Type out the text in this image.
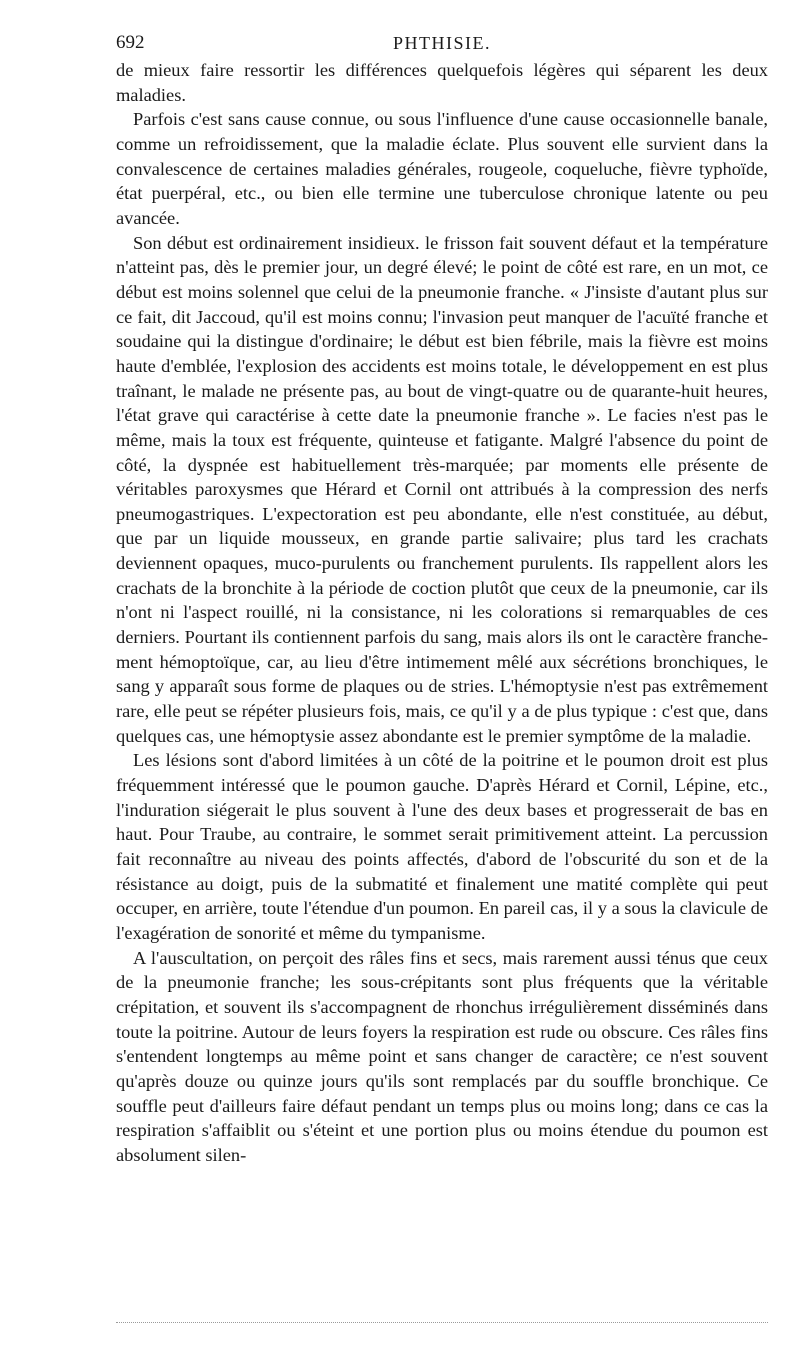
692	PHTHISIE.

de mieux faire ressortir les différences quelquefois légères qui séparent les deux maladies.

Parfois c'est sans cause connue, ou sous l'influence d'une cause occasionnelle banale, comme un refroidissement, que la maladie éclate. Plus souvent elle survient dans la convalescence de certaines maladies générales, rougeole, coqueluche, fièvre typhoïde, état puerpéral, etc., ou bien elle termine une tuberculose chronique latente ou peu avancée.

Son début est ordinairement insidieux. le frisson fait souvent défaut et la température n'atteint pas, dès le premier jour, un degré élevé; le point de côté est rare, en un mot, ce début est moins solennel que celui de la pneumonie franche. « J'insiste d'autant plus sur ce fait, dit Jaccoud, qu'il est moins connu; l'invasion peut manquer de l'acuïté franche et soudaine qui la distingue d'ordinaire; le début est bien fébrile, mais la fièvre est moins haute d'emblée, l'explosion des accidents est moins totale, le développement en est plus traînant, le malade ne présente pas, au bout de vingt-quatre ou de quarante-huit heures, l'état grave qui caractérise à cette date la pneumonie franche ». Le facies n'est pas le même, mais la toux est fréquente, quinteuse et fatigante. Malgré l'absence du point de côté, la dyspnée est habituellement très-marquée; par moments elle présente de véritables paroxysmes que Hérard et Cornil ont attribués à la compression des nerfs pneumogastriques. L'expectoration est peu abondante, elle n'est constituée, au début, que par un liquide mousseux, en grande partie salivaire; plus tard les crachats deviennent opaques, muco-purulents ou franchement purulents. Ils rappellent alors les crachats de la bronchite à la période de coction plutôt que ceux de la pneumonie, car ils n'ont ni l'aspect rouillé, ni la consistance, ni les colorations si remarquables de ces derniers. Pourtant ils contiennent parfois du sang, mais alors ils ont le caractère franchement hémoptoïque, car, au lieu d'être intimement mêlé aux sécrétions bronchiques, le sang y apparaît sous forme de plaques ou de stries. L'hémoptysie n'est pas extrêmement rare, elle peut se répéter plusieurs fois, mais, ce qu'il y a de plus typique : c'est que, dans quelques cas, une hémoptysie assez abondante est le premier symptôme de la maladie.

Les lésions sont d'abord limitées à un côté de la poitrine et le poumon droit est plus fréquemment intéressé que le poumon gauche. D'après Hérard et Cornil, Lépine, etc., l'induration siégerait le plus souvent à l'une des deux bases et progresserait de bas en haut. Pour Traube, au contraire, le sommet serait primitivement atteint. La percussion fait reconnaître au niveau des points affectés, d'abord de l'obscurité du son et de la résistance au doigt, puis de la submatité et finalement une matité complète qui peut occuper, en arrière, toute l'étendue d'un poumon. En pareil cas, il y a sous la clavicule de l'exagération de sonorité et même du tympanisme.

A l'auscultation, on perçoit des râles fins et secs, mais rarement aussi ténus que ceux de la pneumonie franche; les sous-crépitants sont plus fréquents que la véritable crépitation, et souvent ils s'accompagnent de rhonchus irrégulièrement disséminés dans toute la poitrine. Autour de leurs foyers la respiration est rude ou obscure. Ces râles fins s'entendent longtemps au même point et sans changer de caractère; ce n'est souvent qu'après douze ou quinze jours qu'ils sont remplacés par du souffle bronchique. Ce souffle peut d'ailleurs faire défaut pendant un temps plus ou moins long; dans ce cas la respiration s'affaiblit ou s'éteint et une portion plus ou moins étendue du poumon est absolument silen-
